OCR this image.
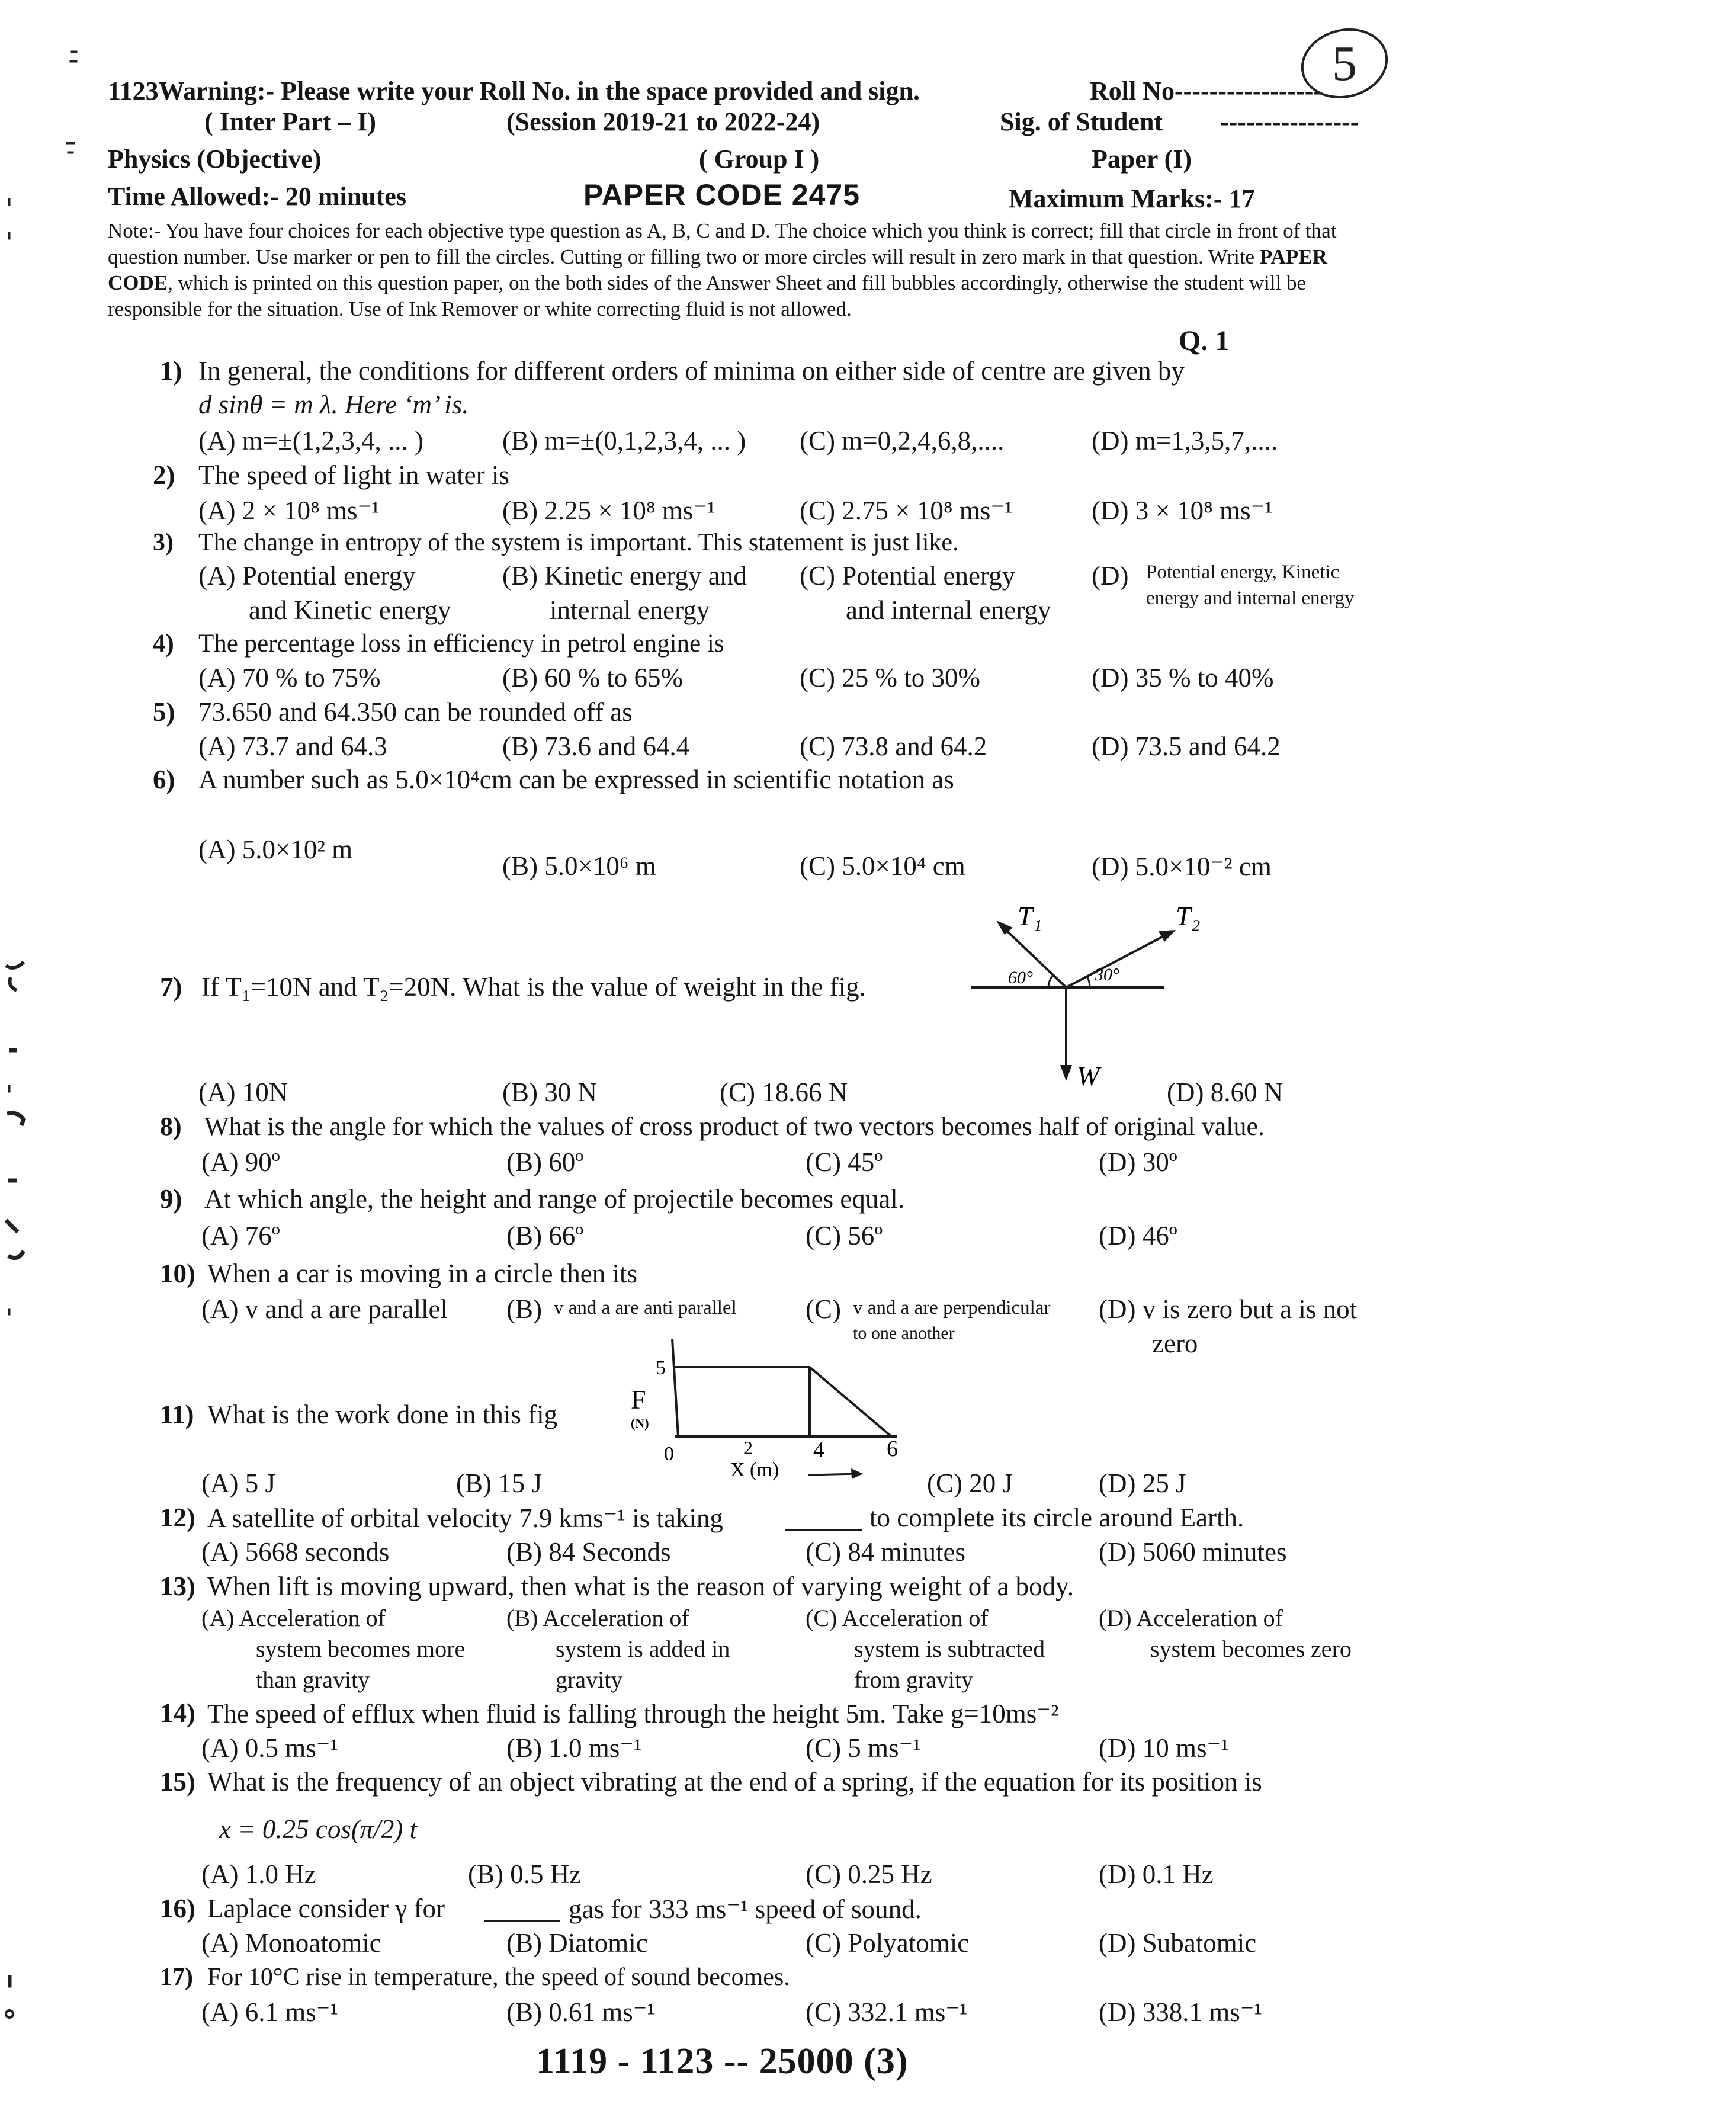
1123Warning:- Please write your Roll No. in the space provided and sign.	Roll No----------------- 5
( Inter Part – I)	(Session 2019-21 to 2022-24)	Sig. of Student ----------------
Physics (Objective)	( Group I )	Paper (I)
Time Allowed:- 20 minutes	PAPER CODE 2475	Maximum Marks:- 17
Note:- You have four choices for each objective type question as A, B, C and D. The choice which you think is correct; fill that circle in front of that question number. Use marker or pen to fill the circles. Cutting or filling two or more circles will result in zero mark in that question. Write PAPER CODE, which is printed on this question paper, on the both sides of the Answer Sheet and fill bubbles accordingly, otherwise the student will be responsible for the situation. Use of Ink Remover or white correcting fluid is not allowed.
Q. 1
1) In general, the conditions for different orders of minima on either side of centre are given by
d sinθ = m λ. Here ‘m’ is.
(A) m=±(1,2,3,4, ... )	(B) m=±(0,1,2,3,4, ... ) (C) m=0,2,4,6,8,....	(D) m=1,3,5,7,....
2) The speed of light in water is
(A) 2 × 10⁸ ms⁻¹	(B) 2.25 × 10⁸ ms⁻¹	(C) 2.75 × 10⁸ ms⁻¹	(D) 3 × 10⁸ ms⁻¹
3) The change in entropy of the system is important. This statement is just like.
(A) Potential energy
and Kinetic energy
(B) Kinetic energy and
internal energy
(C) Potential energy
and internal energy
(D) Potential energy, Kinetic
energy and internal energy
4) The percentage loss in efficiency in petrol engine is
(A) 70 % to 75%	(B) 60 % to 65%	(C) 25 % to 30%	(D) 35 % to 40%
5) 73.650 and 64.350 can be rounded off as
(A) 73.7 and 64.3	(B) 73.6 and 64.4	(C) 73.8 and 64.2	(D) 73.5 and 64.2
6) A number such as 5.0×10⁴cm can be expressed in scientific notation as
(A) 5.0×10² m
(B) 5.0×10⁶ m	(C) 5.0×10⁴ cm	(D) 5.0×10⁻² cm
7) If T₁=10N and T₂=20N. What is the value of weight in the fig.
T₁	T₂
60°	30°
W
(A) 10N	(B) 30 N	(C) 18.66 N	(D) 8.60 N
8) What is the angle for which the values of cross product of two vectors becomes half of original value.
(A) 90º	(B) 60º	(C) 45º	(D) 30º
9) At which angle, the height and range of projectile becomes equal.
(A) 76º	(B) 66º	(C) 56º	(D) 46º
10) When a car is moving in a circle then its
(A) v and a are parallel (B) v and a are anti parallel	(C) v and a are perpendicular
to one another
(D) v is zero but a is not
zero
11) What is the work done in this fig
5
F
(N)
0	2	4	6
X (m)
(A) 5 J	(B) 15 J	(C) 20 J	(D) 25 J
12) A satellite of orbital velocity 7.9 kms⁻¹ is taking	to complete its circle around Earth.
(A) 5668 seconds	(B) 84 Seconds	(C) 84 minutes	(D) 5060 minutes
13) When lift is moving upward, then what is the reason of varying weight of a body.
(A) Acceleration of
system becomes more
than gravity
(B) Acceleration of
system is added in
gravity
(C) Acceleration of
system is subtracted
from gravity
(D) Acceleration of
system becomes zero
14) The speed of efflux when fluid is falling through the height 5m. Take g=10ms⁻²
(A) 0.5 ms⁻¹	(B) 1.0 ms⁻¹	(C) 5 ms⁻¹	(D) 10 ms⁻¹
15) What is the frequency of an object vibrating at the end of a spring, if the equation for its position is
x = 0.25 cos(π/2) t
(A) 1.0 Hz	(B) 0.5 Hz	(C) 0.25 Hz	(D) 0.1 Hz
16) Laplace consider γ for	gas for 333 ms⁻¹ speed of sound.
(A) Monoatomic	(B) Diatomic	(C) Polyatomic	(D) Subatomic
17) For 10°C rise in temperature, the speed of sound becomes.
(A) 6.1 ms⁻¹	(B) 0.61 ms⁻¹	(C) 332.1 ms⁻¹	(D) 338.1 ms⁻¹
1119 - 1123 -- 25000 (3)
